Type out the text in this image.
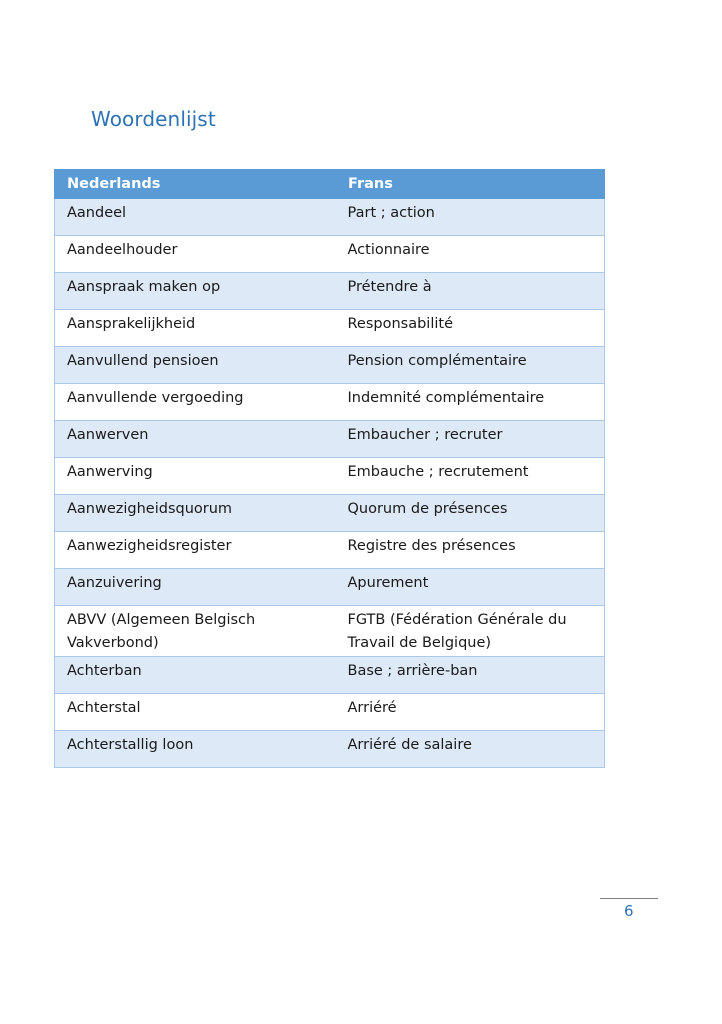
Woordenlijst
Nederlands	Frans
Aandeel	Part ; action
Aandeelhouder	Actionnaire
Aanspraak maken op	Prétendre à
Aansprakelijkheid	Responsabilité
Aanvullend pensioen	Pension complémentaire
Aanvullende vergoeding	Indemnité complémentaire
Aanwerven	Embaucher ; recruter
Aanwerving	Embauche ; recrutement
Aanwezigheidsquorum	Quorum de présences
Aanwezigheidsregister	Registre des présences
Aanzuivering	Apurement
ABVV (Algemeen Belgisch Vakverbond)	FGTB (Fédération Générale du Travail de Belgique)
Achterban	Base ; arrière-ban
Achterstal	Arriéré
Achterstallig loon	Arriéré de salaire
6
